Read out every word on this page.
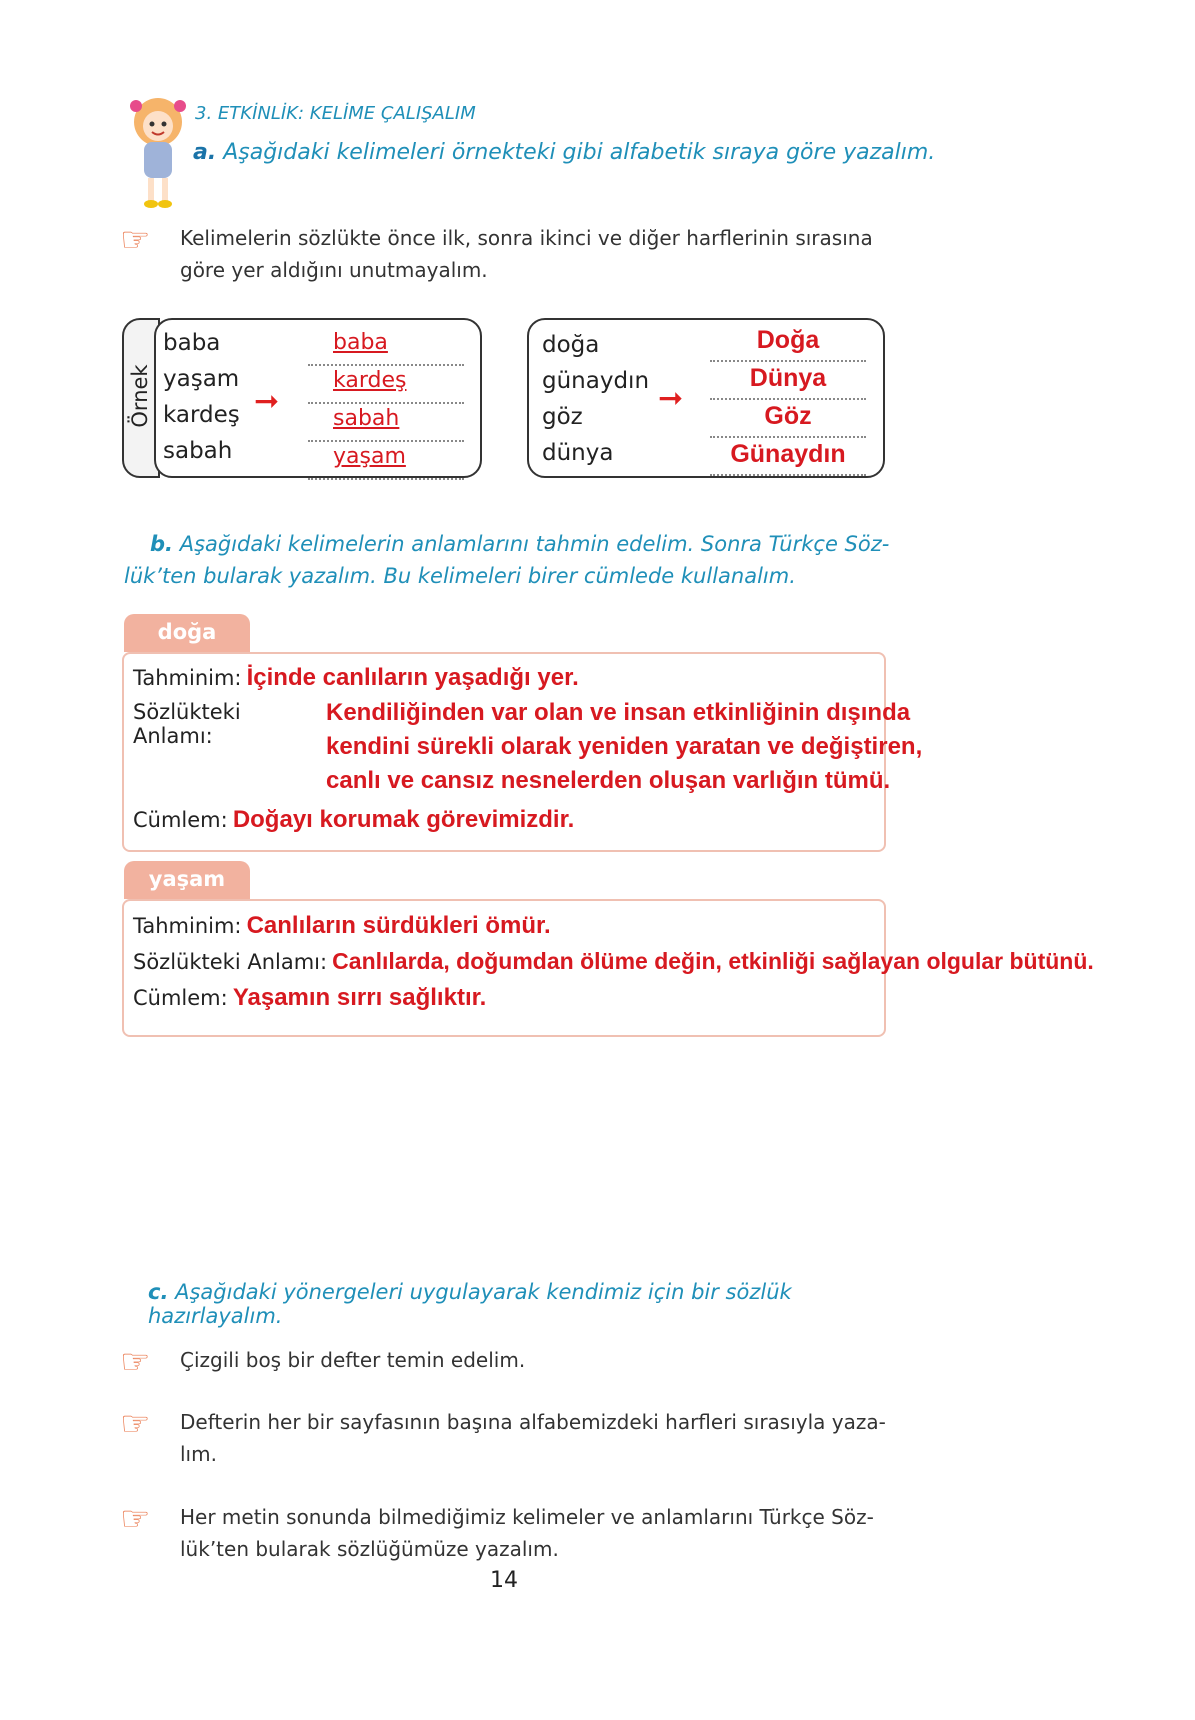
3. ETKİNLİK: KELİME ÇALIŞALIM
a. Aşağıdaki kelimeleri örnekteki gibi alfabetik sıraya göre yazalım.
☞ Kelimelerin sözlükte önce ilk, sonra ikinci ve diğer harflerinin sırasına
göre yer aldığını unutmayalım.
Örnek
baba
yaşam
kardeş
sabah
➞
baba
kardeş
sabah
yaşam
doğa
günaydın
göz
dünya
➞
Doğa
Dünya
Göz
Günaydın
b. Aşağıdaki kelimelerin anlamlarını tahmin edelim. Sonra Türkçe Söz-
lük’ten bularak yazalım. Bu kelimeleri birer cümlede kullanalım.
doğa
Tahminim: İçinde canlıların yaşadığı yer.
Sözlükteki Anlamı:
Kendiliğinden var olan ve insan etkinliğinin dışında
kendini sürekli olarak yeniden yaratan ve değiştiren,
canlı ve cansız nesnelerden oluşan varlığın tümü.
Cümlem: Doğayı korumak görevimizdir.
yaşam
Tahminim: Canlıların sürdükleri ömür.
Sözlükteki Anlamı: Canlılarda, doğumdan ölüme değin, etkinliği sağlayan olgular bütünü.
Cümlem: Yaşamın sırrı sağlıktır.
c. Aşağıdaki yönergeleri uygulayarak kendimiz için bir sözlük hazırlayalım.
☞ Çizgili boş bir defter temin edelim.
☞ Defterin her bir sayfasının başına alfabemizdeki harfleri sırasıyla yaza-
lım.
☞ Her metin sonunda bilmediğimiz kelimeler ve anlamlarını Türkçe Söz-
lük’ten bularak sözlüğümüze yazalım.
14
